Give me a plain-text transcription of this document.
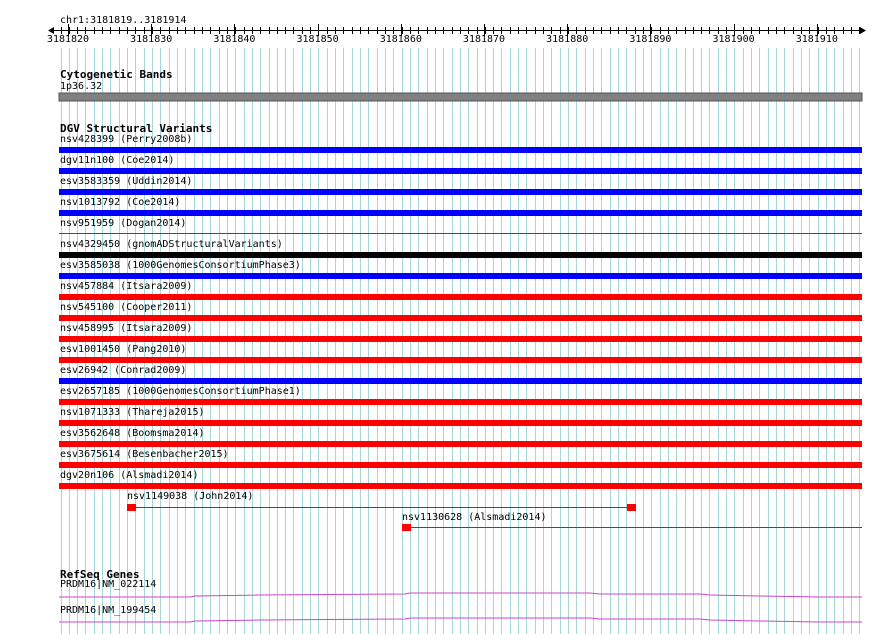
chr1:3181819..3181914
3181820	3181830	3181840	3181850	3181860	3181870	3181880	3181890	3181900	3181910
Cytogenetic Bands
1p36.32
DGV Structural Variants
nsv428399 (Perry2008b)
dgv11n100 (Coe2014)
esv3583359 (Uddin2014)
nsv1013792 (Coe2014)
nsv951959 (Dogan2014)
nsv4329450 (gnomADStructuralVariants)
esv3585038 (1000GenomesConsortiumPhase3)
nsv457884 (Itsara2009)
nsv545100 (Cooper2011)
nsv458995 (Itsara2009)
esv1001450 (Pang2010)
esv26942 (Conrad2009)
esv2657185 (1000GenomesConsortiumPhase1)
nsv1071333 (Thareja2015)
esv3562648 (Boomsma2014)
esv3675614 (Besenbacher2015)
dgv20n106 (Alsmadi2014)
nsv1149038 (John2014)
nsv1130628 (Alsmadi2014)
RefSeq Genes
PRDM16|NM_022114
PRDM16|NM_199454
